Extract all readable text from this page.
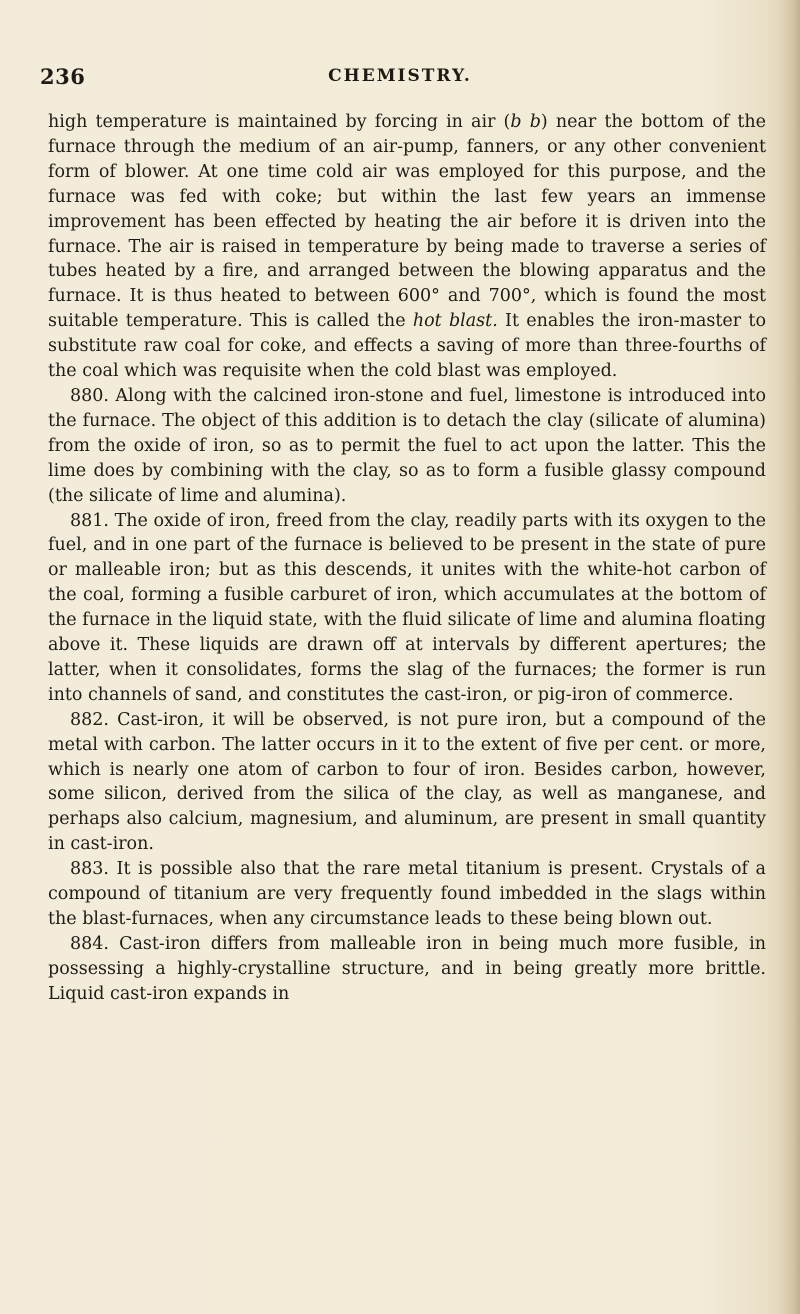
236	CHEMISTRY.

high temperature is maintained by forcing in air (b b) near the bottom of the furnace through the medium of an air-pump, fanners, or any other convenient form of blower. At one time cold air was employed for this purpose, and the furnace was fed with coke; but within the last few years an immense improvement has been effected by heating the air before it is driven into the furnace. The air is raised in temperature by being made to traverse a series of tubes heated by a fire, and arranged between the blowing apparatus and the furnace. It is thus heated to between 600° and 700°, which is found the most suitable temperature. This is called the hot blast. It enables the iron-master to substitute raw coal for coke, and effects a saving of more than three-fourths of the coal which was requisite when the cold blast was employed.

880. Along with the calcined iron-stone and fuel, limestone is introduced into the furnace. The object of this addition is to detach the clay (silicate of alumina) from the oxide of iron, so as to permit the fuel to act upon the latter. This the lime does by combining with the clay, so as to form a fusible glassy compound (the silicate of lime and alumina).

881. The oxide of iron, freed from the clay, readily parts with its oxygen to the fuel, and in one part of the furnace is believed to be present in the state of pure or malleable iron; but as this descends, it unites with the white-hot carbon of the coal, forming a fusible carburet of iron, which accumulates at the bottom of the furnace in the liquid state, with the fluid silicate of lime and alumina floating above it. These liquids are drawn off at intervals by different apertures; the latter, when it consolidates, forms the slag of the furnaces; the former is run into channels of sand, and constitutes the cast-iron, or pig-iron of commerce.

882. Cast-iron, it will be observed, is not pure iron, but a compound of the metal with carbon. The latter occurs in it to the extent of five per cent. or more, which is nearly one atom of carbon to four of iron. Besides carbon, however, some silicon, derived from the silica of the clay, as well as manganese, and perhaps also calcium, magnesium, and aluminum, are present in small quantity in cast-iron.

883. It is possible also that the rare metal titanium is present. Crystals of a compound of titanium are very frequently found imbedded in the slags within the blast-furnaces, when any circumstance leads to these being blown out.

884. Cast-iron differs from malleable iron in being much more fusible, in possessing a highly-crystalline structure, and in being greatly more brittle. Liquid cast-iron expands in
